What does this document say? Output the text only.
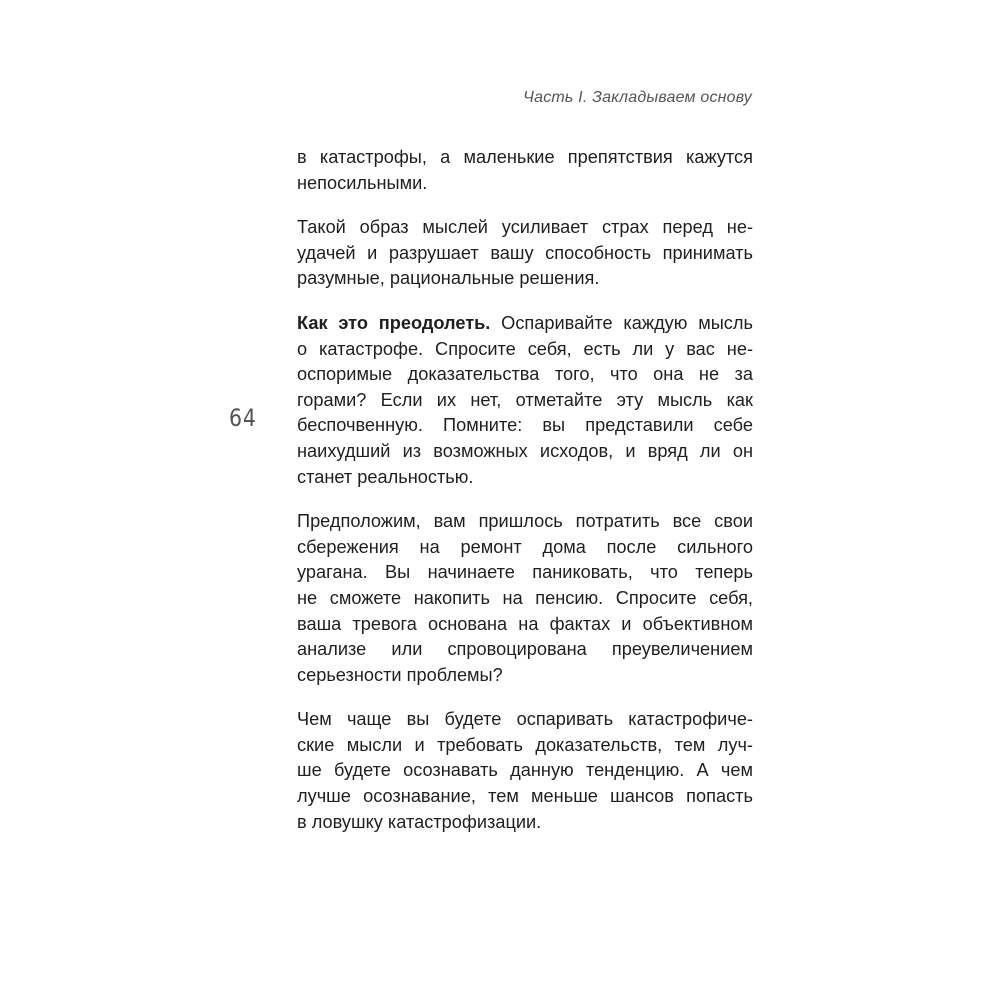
Часть I. Закладываем основу
64

в катастрофы, а маленькие препятствия кажутся
непосильными.

Такой образ мыслей усиливает страх перед не-
удачей и разрушает вашу способность принимать
разумные, рациональные решения.

Как это преодолеть. Оспаривайте каждую мысль
о катастрофе. Спросите себя, есть ли у вас не-
оспоримые доказательства того, что она не за
горами? Если их нет, отметайте эту мысль как
беспочвенную. Помните: вы представили себе
наихудший из возможных исходов, и вряд ли он
станет реальностью.

Предположим, вам пришлось потратить все свои
сбережения на ремонт дома после сильного
урагана. Вы начинаете паниковать, что теперь
не сможете накопить на пенсию. Спросите себя,
ваша тревога основана на фактах и объективном
анализе или спровоцирована преувеличением
серьезности проблемы?

Чем чаще вы будете оспаривать катастрофиче-
ские мысли и требовать доказательств, тем луч-
ше будете осознавать данную тенденцию. А чем
лучше осознавание, тем меньше шансов попасть
в ловушку катастрофизации.
